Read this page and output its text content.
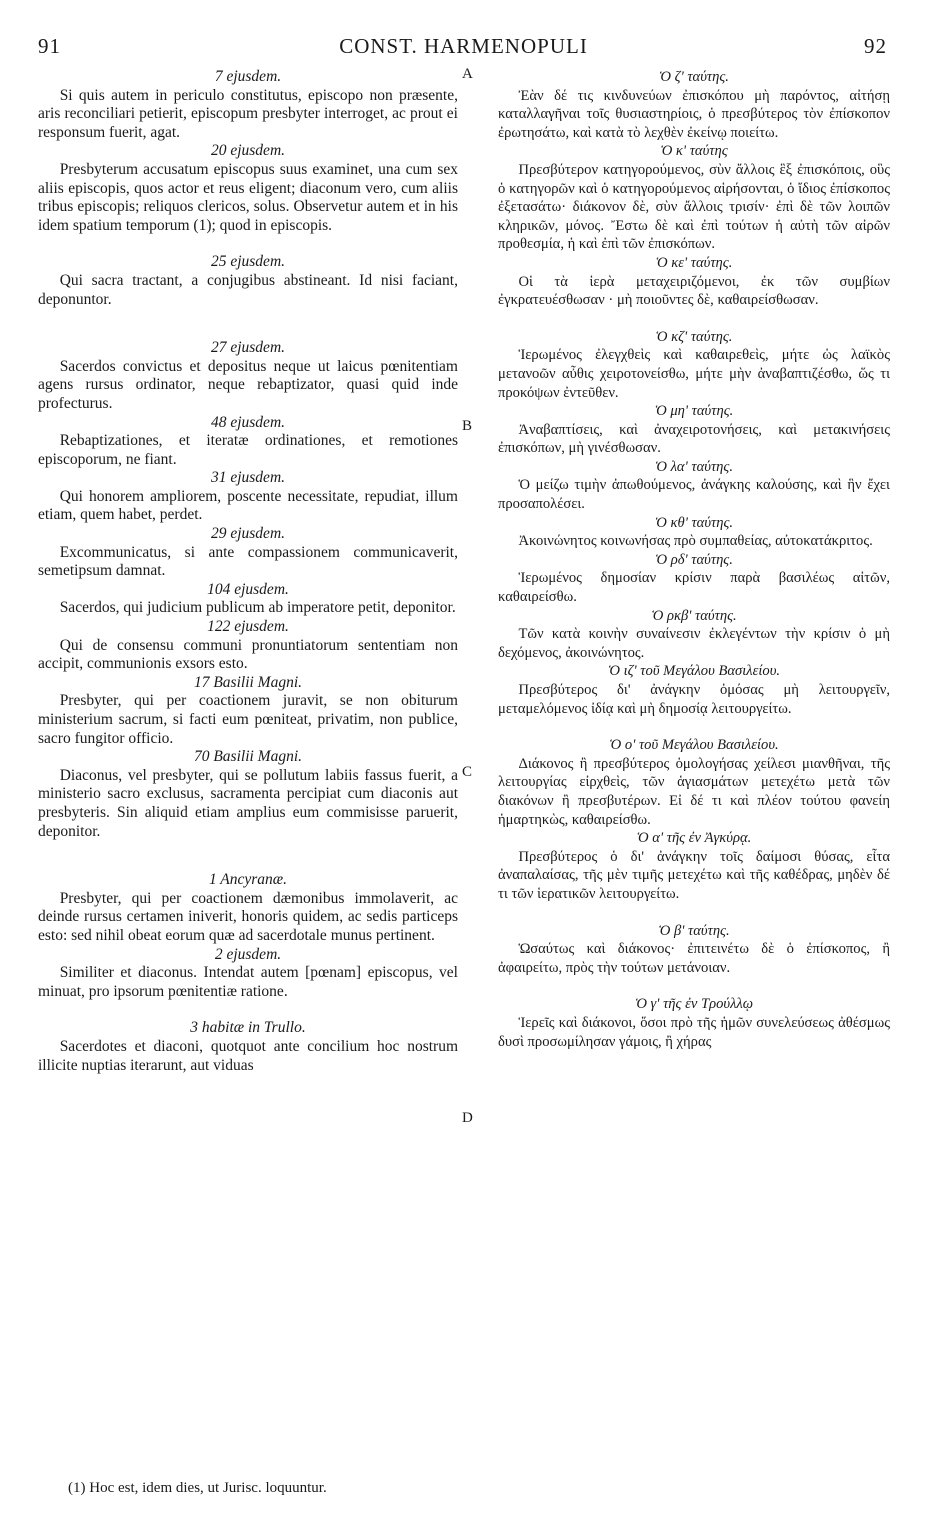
91	CONST. HARMENOPULI	92
A
B
C
D
7 ejusdem.

Si quis autem in periculo constitutus, episcopo non præsente, aris reconciliari petierit, episcopum presbyter interroget, ac prout ei responsum fuerit, agat.

20 ejusdem.

Presbyterum accusatum episcopus suus examinet, una cum sex aliis episcopis, quos actor et reus eligent; diaconum vero, cum aliis tribus episcopis; reliquos clericos, solus. Observetur autem et in his idem spatium temporum (1); quod in episcopis.

25 ejusdem.

Qui sacra tractant, a conjugibus abstineant. Id nisi faciant, deponuntor.

27 ejusdem.

Sacerdos convictus et depositus neque ut laicus pœnitentiam agens rursus ordinator, neque rebaptizator, quasi quid inde profecturus.

48 ejusdem.

Rebaptizationes, et iteratæ ordinationes, et remotiones episcoporum, ne fiant.

31 ejusdem.

Qui honorem ampliorem, poscente necessitate, repudiat, illum etiam, quem habet, perdet.

29 ejusdem.

Excommunicatus, si ante compassionem communicaverit, semetipsum damnat.

104 ejusdem.

Sacerdos, qui judicium publicum ab imperatore petit, deponitor.

122 ejusdem.

Qui de consensu communi pronuntiatorum sententiam non accipit, communionis exsors esto.

17 Basilii Magni.

Presbyter, qui per coactionem juravit, se non obiturum ministerium sacrum, si facti eum pœniteat, privatim, non publice, sacro fungitor officio.

70 Basilii Magni.

Diaconus, vel presbyter, qui se pollutum labiis fassus fuerit, a ministerio sacro exclusus, sacramenta percipiat cum diaconis aut presbyteris. Sin aliquid etiam amplius eum commisisse paruerit, deponitor.

1 Ancyranæ.

Presbyter, qui per coactionem dæmonibus immolaverit, ac deinde rursus certamen iniverit, honoris quidem, ac sedis particeps esto: sed nihil obeat eorum quæ ad sacerdotale munus pertinent.

2 ejusdem.

Similiter et diaconus. Intendat autem [pœnam] episcopus, vel minuat, pro ipsorum pœnitentiæ ratione.

3 habitæ in Trullo.

Sacerdotes et diaconi, quotquot ante concilium hoc nostrum illicite nuptias iterarunt, aut viduas

Ὁ ζ' ταύτης.

Ἐὰν δέ τις κινδυνεύων ἐπισκόπου μὴ παρόντος, αἰτήσῃ καταλλαγῆναι τοῖς θυσιαστηρίοις, ὁ πρεσβύτερος τὸν ἐπίσκοπον ἐρωτησάτω, καὶ κατὰ τὸ λεχθὲν ἐκείνῳ ποιείτω.

Ὁ κ' ταύτης

Πρεσβύτερον κατηγορούμενος, σὺν ἄλλοις ἓξ ἐπισκόποις, οὓς ὁ κατηγορῶν καὶ ὁ κατηγορούμενος αἱρήσονται, ὁ ἴδιος ἐπίσκοπος ἐξετασάτω· διάκονον δὲ, σὺν ἄλλοις τρισίν· ἐπὶ δὲ τῶν λοιπῶν κληρικῶν, μόνος. Ἔστω δὲ καὶ ἐπὶ τούτων ἡ αὐτὴ τῶν αἰρῶν προθεσμία, ἡ καὶ ἐπὶ τῶν ἐπισκόπων.

Ὁ κε' ταύτης.

Οἱ τὰ ἱερὰ μεταχειριζόμενοι, ἐκ τῶν συμβίων ἐγκρατευέσθωσαν · μὴ ποιοῦντες δὲ, καθαιρείσθωσαν.

Ὁ κζ' ταύτης.

Ἱερωμένος ἐλεγχθεὶς καὶ καθαιρεθεὶς, μήτε ὡς λαϊκὸς μετανοῶν αὖθις χειροτονείσθω, μήτε μὴν ἀναβαπτιζέσθω, ὥς τι προκόψων ἐντεῦθεν.

Ὁ μη' ταύτης.

Ἀναβαπτίσεις, καὶ ἀναχειροτονήσεις, καὶ μετακινήσεις ἐπισκόπων, μὴ γινέσθωσαν.

Ὁ λα' ταύτης.

Ὁ μείζω τιμὴν ἀπωθούμενος, ἀνάγκης καλούσης, καὶ ἣν ἔχει προσαπολέσει.

Ὁ κθ' ταύτης.

Ἀκοινώνητος κοινωνήσας πρὸ συμπαθείας, αὐτοκατάκριτος.

Ὁ ρδ' ταύτης.

Ἱερωμένος δημοσίαν κρίσιν παρὰ βασιλέως αἰτῶν, καθαιρείσθω.

Ὁ ρκβ' ταύτης.

Τῶν κατὰ κοινὴν συναίνεσιν ἐκλεγέντων τὴν κρίσιν ὁ μὴ δεχόμενος, ἀκοινώνητος.

Ὁ ιζ' τοῦ Μεγάλου Βασιλείου.

Πρεσβύτερος δι' ἀνάγκην ὀμόσας μὴ λειτουργεῖν, μεταμελόμενος ἰδίᾳ καὶ μὴ δημοσίᾳ λειτουργείτω.

Ὁ ο' τοῦ Μεγάλου Βασιλείου.

Διάκονος ἢ πρεσβύτερος ὁμολογήσας χείλεσι μιανθῆναι, τῆς λειτουργίας εἰρχθεὶς, τῶν ἁγιασμάτων μετεχέτω μετὰ τῶν διακόνων ἢ πρεσβυτέρων. Εἰ δέ τι καὶ πλέον τούτου φανείη ἡμαρτηκὼς, καθαιρείσθω.

Ὁ α' τῆς ἐν Ἀγκύρᾳ.

Πρεσβύτερος ὁ δι' ἀνάγκην τοῖς δαίμοσι θύσας, εἶτα ἀναπαλαίσας, τῆς μὲν τιμῆς μετεχέτω καὶ τῆς καθέδρας, μηδὲν δέ τι τῶν ἱερατικῶν λειτουργείτω.

Ὁ β' ταύτης.

Ὡσαύτως καὶ διάκονος· ἐπιτεινέτω δὲ ὁ ἐπίσκοπος, ἢ ἀφαιρείτω, πρὸς τὴν τούτων μετάνοιαν.

Ὁ γ' τῆς ἐν Τρούλλῳ

Ἱερεῖς καὶ διάκονοι, ὅσοι πρὸ τῆς ἡμῶν συνελεύσεως ἀθέσμως δυσὶ προσωμίλησαν γάμοις, ἢ χήρας

(1) Hoc est, idem dies, ut Jurisc. loquuntur.
